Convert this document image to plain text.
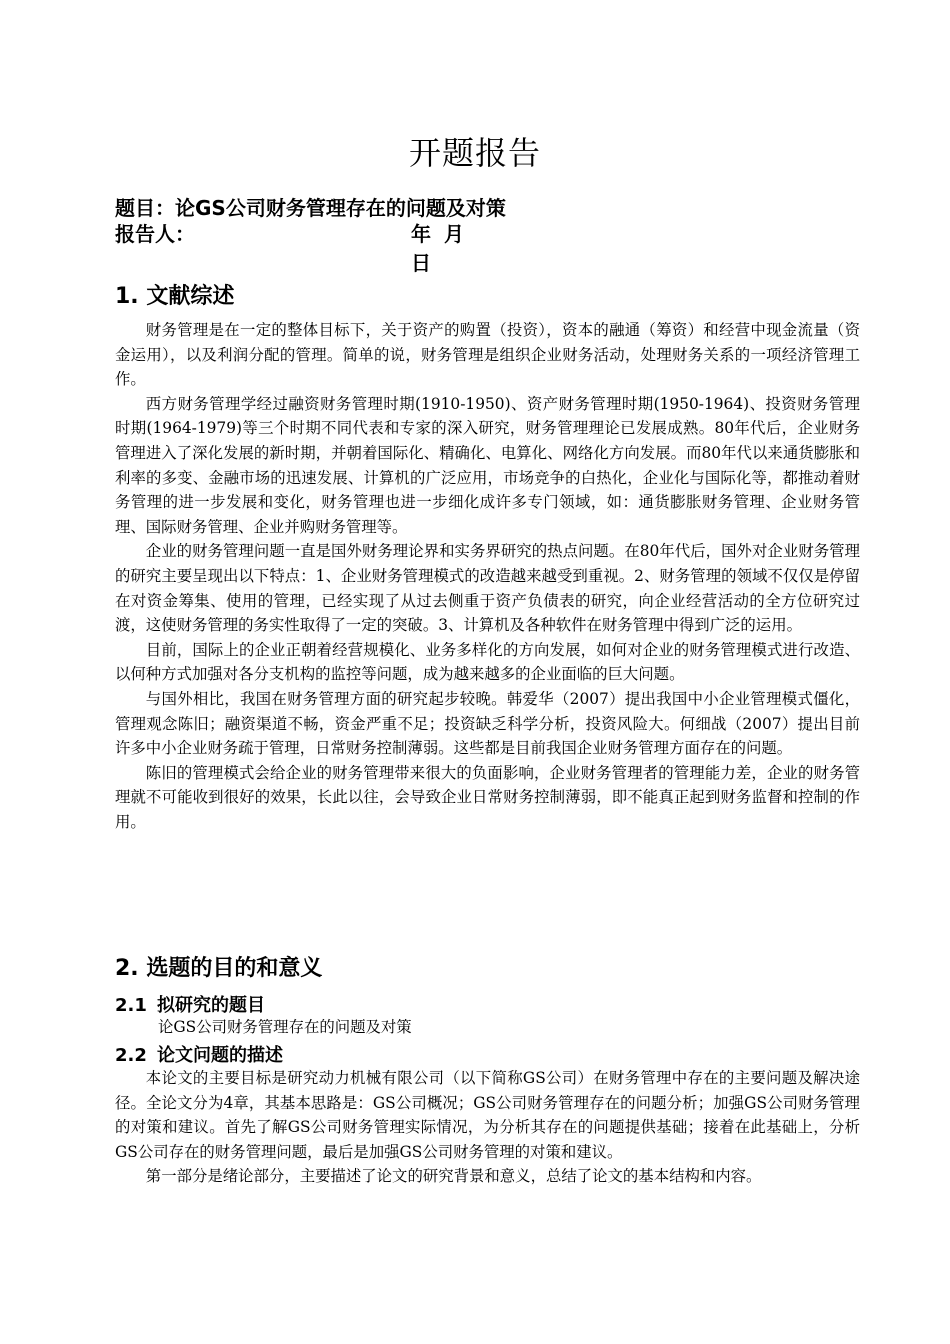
开题报告
题目：论GS公司财务管理存在的问题及对策
报告人：	年 月 日
1. 文献综述

财务管理是在一定的整体目标下，关于资产的购置（投资），资本的融通（筹资）和经营中现金流量（资金运用），以及利润分配的管理。简单的说，财务管理是组织企业财务活动，处理财务关系的一项经济管理工作。

西方财务管理学经过融资财务管理时期(1910-1950)、资产财务管理时期(1950-1964)、投资财务管理时期(1964-1979)等三个时期不同代表和专家的深入研究，财务管理理论已发展成熟。80年代后，企业财务管理进入了深化发展的新时期，并朝着国际化、精确化、电算化、网络化方向发展。而80年代以来通货膨胀和利率的多变、金融市场的迅速发展、计算机的广泛应用，市场竞争的白热化，企业化与国际化等，都推动着财务管理的进一步发展和变化，财务管理也进一步细化成许多专门领域，如：通货膨胀财务管理、企业财务管理、国际财务管理、企业并购财务管理等。

企业的财务管理问题一直是国外财务理论界和实务界研究的热点问题。在80年代后，国外对企业财务管理的研究主要呈现出以下特点：1、企业财务管理模式的改造越来越受到重视。2、财务管理的领域不仅仅是停留在对资金筹集、使用的管理，已经实现了从过去侧重于资产负债表的研究，向企业经营活动的全方位研究过渡，这使财务管理的务实性取得了一定的突破。3、计算机及各种软件在财务管理中得到广泛的运用。

目前，国际上的企业正朝着经营规模化、业务多样化的方向发展，如何对企业的财务管理模式进行改造、以何种方式加强对各分支机构的监控等问题，成为越来越多的企业面临的巨大问题。

与国外相比，我国在财务管理方面的研究起步较晚。韩爱华（2007）提出我国中小企业管理模式僵化，管理观念陈旧；融资渠道不畅，资金严重不足；投资缺乏科学分析，投资风险大。何细战（2007）提出目前许多中小企业财务疏于管理，日常财务控制薄弱。这些都是目前我国企业财务管理方面存在的问题。

陈旧的管理模式会给企业的财务管理带来很大的负面影响，企业财务管理者的管理能力差，企业的财务管理就不可能收到很好的效果，长此以往，会导致企业日常财务控制薄弱，即不能真正起到财务监督和控制的作用。

2. 选题的目的和意义
2.1 拟研究的题目
论GS公司财务管理存在的问题及对策
2.2 论文问题的描述

本论文的主要目标是研究动力机械有限公司（以下简称GS公司）在财务管理中存在的主要问题及解决途径。全论文分为4章，其基本思路是：GS公司概况；GS公司财务管理存在的问题分析；加强GS公司财务管理的对策和建议。首先了解GS公司财务管理实际情况，为分析其存在的问题提供基础；接着在此基础上，分析GS公司存在的财务管理问题，最后是加强GS公司财务管理的对策和建议。

第一部分是绪论部分，主要描述了论文的研究背景和意义，总结了论文的基本结构和内容。
